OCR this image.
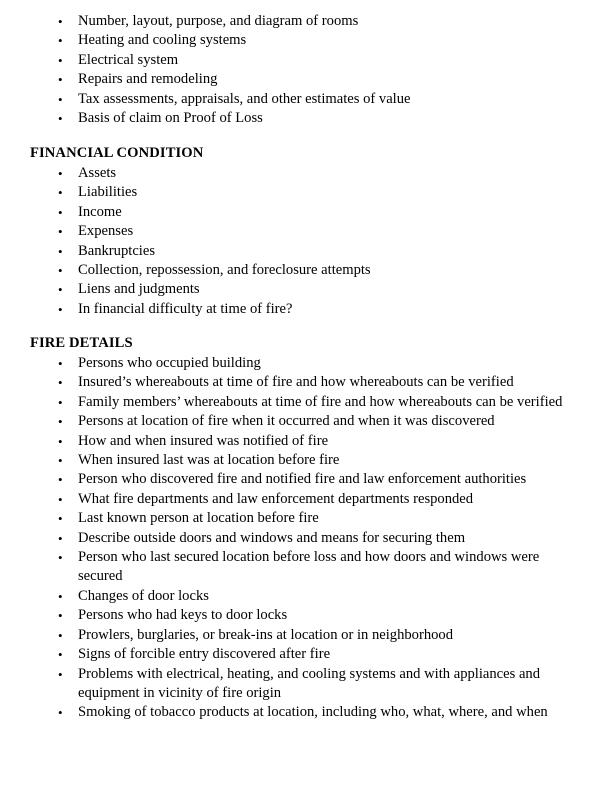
• Number, layout, purpose, and diagram of rooms
• Heating and cooling systems
• Electrical system
• Repairs and remodeling
• Tax assessments, appraisals, and other estimates of value
• Basis of claim on Proof of Loss
FINANCIAL CONDITION
• Assets
• Liabilities
• Income
• Expenses
• Bankruptcies
• Collection, repossession, and foreclosure attempts
• Liens and judgments
• In financial difficulty at time of fire?
FIRE DETAILS
• Persons who occupied building
• Insured’s whereabouts at time of fire and how whereabouts can be verified
• Family members’ whereabouts at time of fire and how whereabouts can be verified
• Persons at location of fire when it occurred and when it was discovered
• How and when insured was notified of fire
• When insured last was at location before fire
• Person who discovered fire and notified fire and law enforcement authorities
• What fire departments and law enforcement departments responded
• Last known person at location before fire
• Describe outside doors and windows and means for securing them
• Person who last secured location before loss and how doors and windows were secured
• Changes of door locks
• Persons who had keys to door locks
• Prowlers, burglaries, or break-ins at location or in neighborhood
• Signs of forcible entry discovered after fire
• Problems with electrical, heating, and cooling systems and with appliances and equipment in vicinity of fire origin
• Smoking of tobacco products at location, including who, what, where, and when
